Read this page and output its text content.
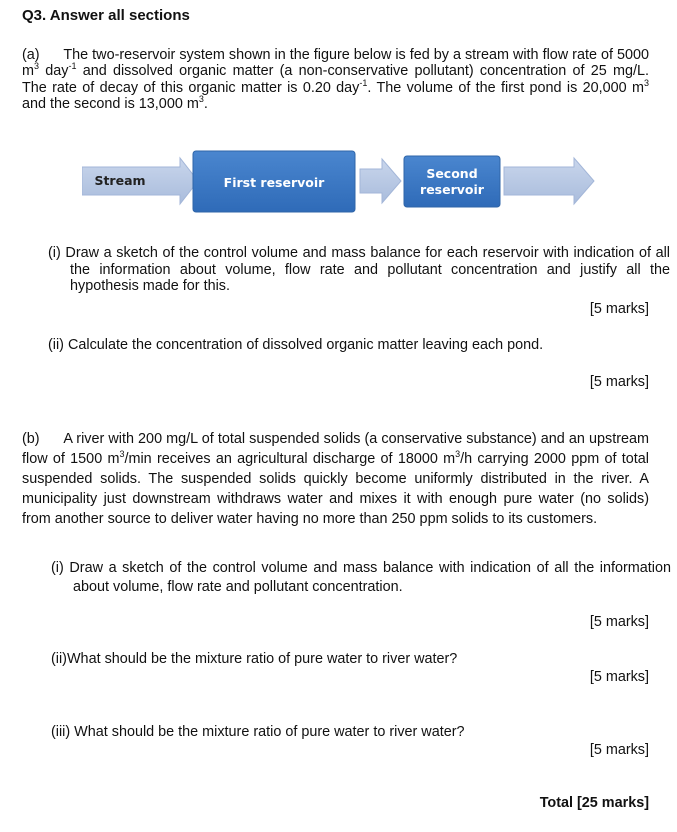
Q3. Answer all sections
(a) The two-reservoir system shown in the figure below is fed by a stream with flow rate of 5000 $m^3$ day$^{-1}$ and dissolved organic matter (a non-conservative pollutant) concentration of 25 mg/L. The rate of decay of this organic matter is 0.20 day$^{-1}$. The volume of the first pond is 20,000 $m^3$ and the second is 13,000 $m^3$.
Stream	First reservoir
Second
reservoir
(i) Draw a sketch of the control volume and mass balance for each reservoir with indication of all the information about volume, flow rate and pollutant concentration and justify all the hypothesis made for this.
[5 marks]
(ii) Calculate the concentration of dissolved organic matter leaving each pond.
[5 marks]
(b) A river with 200 mg/L of total suspended solids (a conservative substance) and an upstream flow of 1500 $m^3/\min$ receives an agricultural discharge of 18000 $m^3/h$ carrying 2000 ppm of total suspended solids. The suspended solids quickly become uniformly distributed in the river. A municipality just downstream withdraws water and mixes it with enough pure water (no solids) from another source to deliver water having no more than 250 ppm solids to its customers.
(i) Draw a sketch of the control volume and mass balance with indication of all the information about volume, flow rate and pollutant concentration.
[5 marks]
(ii)What should be the mixture ratio of pure water to river water?
[5 marks]
(iii) What should be the mixture ratio of pure water to river water?
[5 marks]
Total [25 marks]
